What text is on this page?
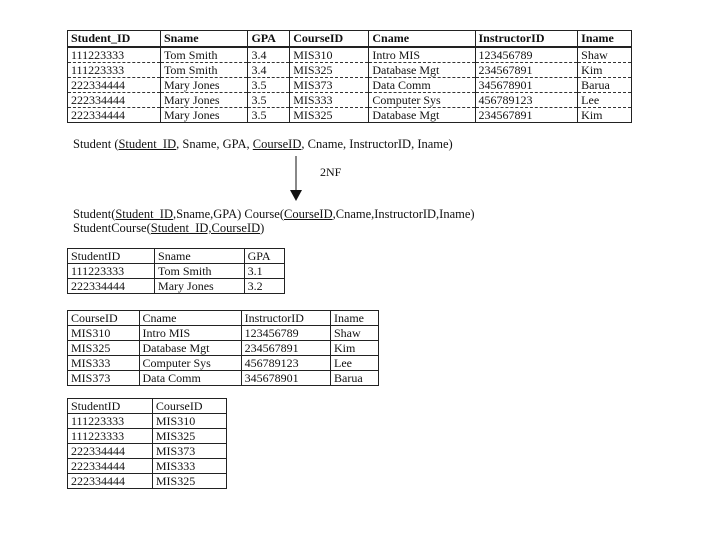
Student_ID	Sname	GPA	CourseID	Cname	InstructorID	Iname
111223333	Tom Smith	3.4	MIS310	Intro MIS	123456789	Shaw
111223333	Tom Smith	3.4	MIS325	Database Mgt	234567891	Kim
222334444	Mary Jones	3.5	MIS373	Data Comm	345678901	Barua
222334444	Mary Jones	3.5	MIS333	Computer Sys	456789123	Lee
222334444	Mary Jones	3.5	MIS325	Database Mgt	234567891	Kim
Student (Student_ID, Sname, GPA, CourseID, Cname, InstructorID, Iname)
2NF
Student(Student_ID,Sname,GPA) Course(CourseID,Cname,InstructorID,Iname)
StudentCourse(Student_ID,CourseID)
StudentID	Sname	GPA
111223333	Tom Smith	3.1
222334444	Mary Jones	3.2
CourseID	Cname	InstructorID	Iname
MIS310	Intro MIS	123456789	Shaw
MIS325	Database Mgt	234567891	Kim
MIS333	Computer Sys	456789123	Lee
MIS373	Data Comm	345678901	Barua
StudentID	CourseID
111223333	MIS310
111223333	MIS325
222334444	MIS373
222334444	MIS333
222334444	MIS325
